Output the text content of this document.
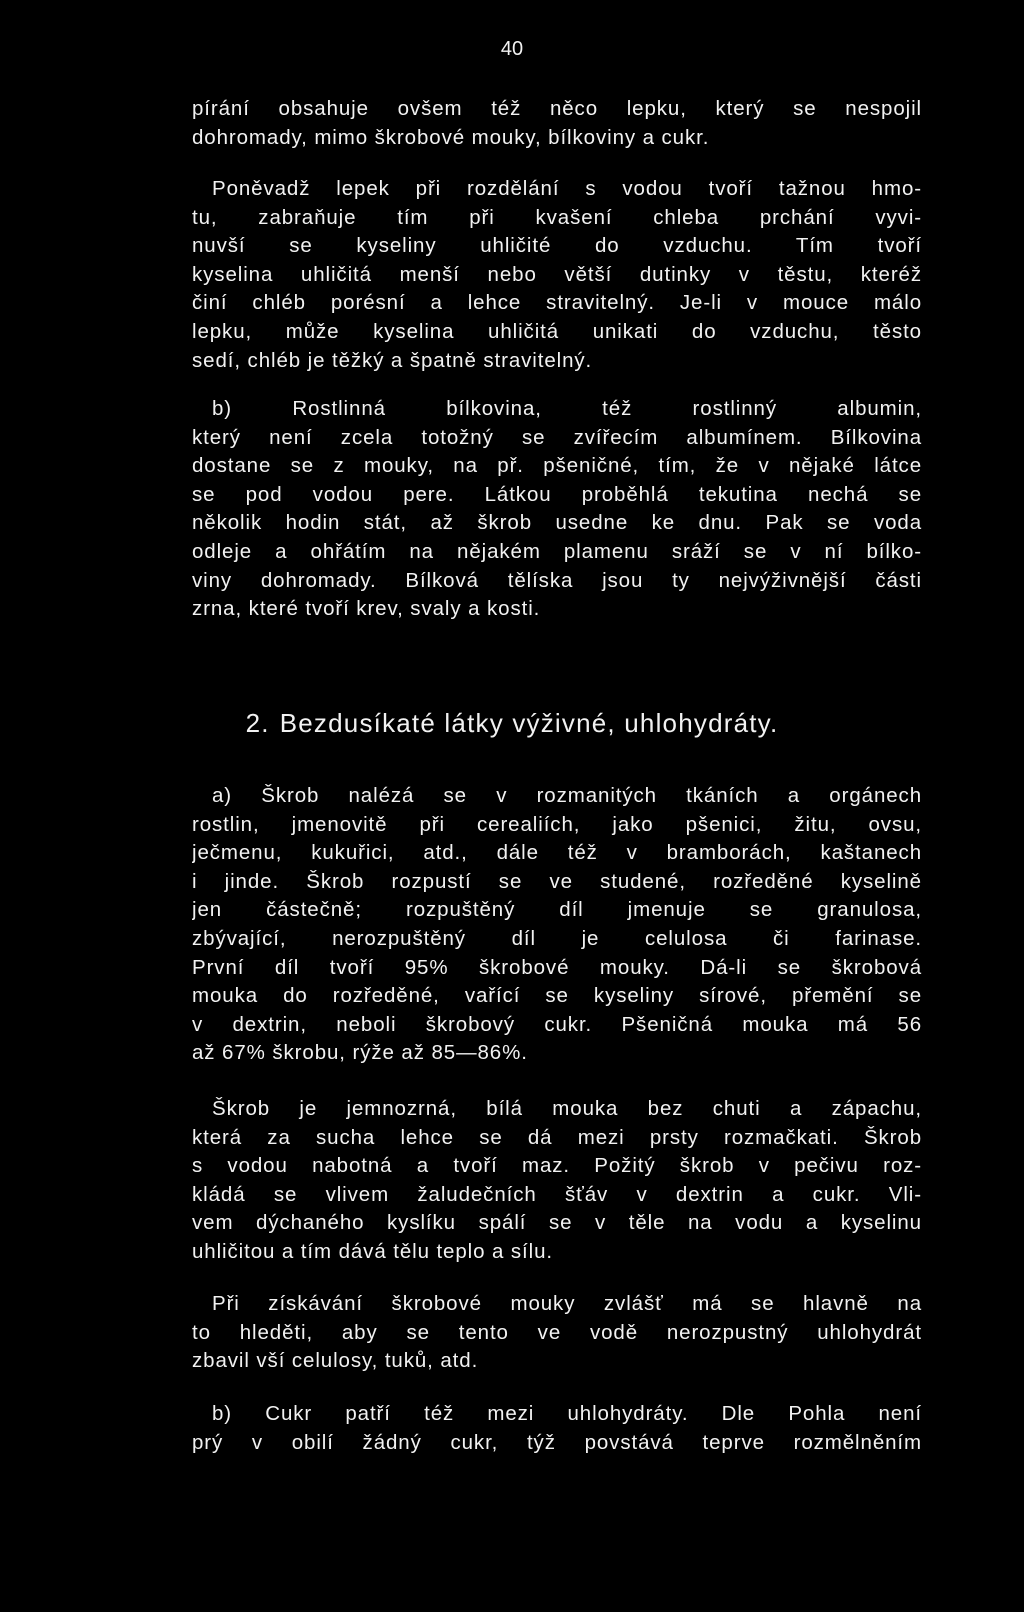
40
pírání obsahuje ovšem též něco lepku, který se nespojil
dohromady, mimo škrobové mouky, bílkoviny a cukr.
Poněvadž lepek při rozdělání s vodou tvoří tažnou hmo-
tu, zabraňuje tím při kvašení chleba prchání vyvi-
nuvší se kyseliny uhličité do vzduchu. Tím tvoří
kyselina uhličitá menší nebo větší dutinky v těstu, kteréž
činí chléb porésní a lehce stravitelný. Je-li v mouce málo
lepku, může kyselina uhličitá unikati do vzduchu, těsto
sedí, chléb je těžký a špatně stravitelný.
b) Rostlinná bílkovina, též rostlinný albumin,
který není zcela totožný se zvířecím albumínem. Bílkovina
dostane se z mouky, na př. pšeničné, tím, že v nějaké látce
se pod vodou pere. Látkou proběhlá tekutina nechá se
několik hodin stát, až škrob usedne ke dnu. Pak se voda
odleje a ohřátím na nějakém plamenu sráží se v ní bílko-
viny dohromady. Bílková tělíska jsou ty nejvýživnější části
zrna, které tvoří krev, svaly a kosti.
a) Škrob nalézá se v rozmanitých tkáních a orgánech
rostlin, jmenovitě při cerealiích, jako pšenici, žitu, ovsu,
ječmenu, kukuřici, atd., dále též v bramborách, kaštanech
i jinde. Škrob rozpustí se ve studené, rozředěné kyselině
jen částečně; rozpuštěný díl jmenuje se granulosa,
zbývající, nerozpuštěný díl je celulosa či farinase.
První díl tvoří 95% škrobové mouky. Dá-li se škrobová
mouka do rozředěné, vařící se kyseliny sírové, přemění se
v dextrin, neboli škrobový cukr. Pšeničná mouka má 56
až 67% škrobu, rýže až 85—86%.
Škrob je jemnozrná, bílá mouka bez chuti a zápachu,
která za sucha lehce se dá mezi prsty rozmačkati. Škrob
s vodou nabotná a tvoří maz. Požitý škrob v pečivu roz-
kládá se vlivem žaludečních šťáv v dextrin a cukr. Vli-
vem dýchaného kyslíku spálí se v těle na vodu a kyselinu
uhličitou a tím dává tělu teplo a sílu.
Při získávání škrobové mouky zvlášť má se hlavně na
to hleděti, aby se tento ve vodě nerozpustný uhlohydrát
zbavil vší celulosy, tuků, atd.
b) Cukr patří též mezi uhlohydráty. Dle Pohla není
prý v obilí žádný cukr, týž povstává teprve rozmělněním
2. Bezdusíkaté látky výživné, uhlohydráty.
